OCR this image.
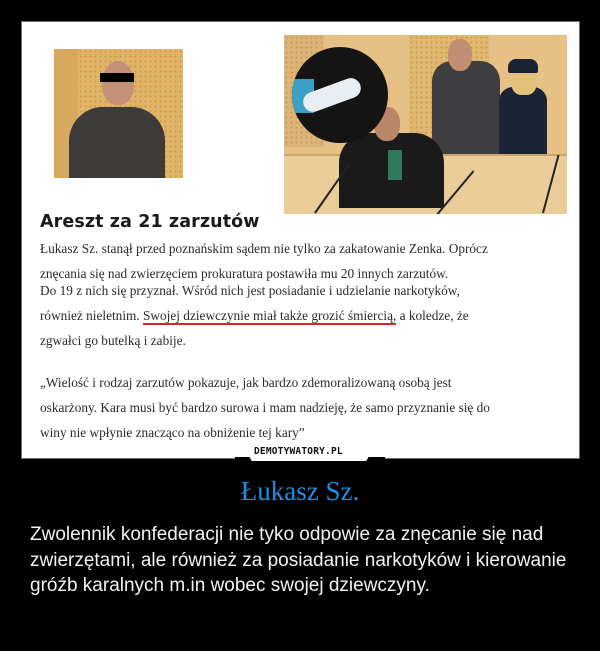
Areszt za 21 zarzutów
Łukasz Sz. stanął przed poznańskim sądem nie tylko za zakatowanie Zenka. Oprócz
znęcania się nad zwierzęciem prokuratura postawiła mu 20 innych zarzutów.
Do 19 z nich się przyznał. Wśród nich jest posiadanie i udzielanie narkotyków,
również nieletnim. Swojej dziewczynie miał także grozić śmiercią, a koledze, że
zgwałci go butelką i zabije.
„Wielość i rodzaj zarzutów pokazuje, jak bardzo zdemoralizowaną osobą jest
oskarżony. Kara musi być bardzo surowa i mam nadzieję, że samo przyznanie się do
winy nie wpłynie znacząco na obniżenie tej kary”
DEMOTYWATORY.PL
Łukasz Sz.
Zwolennik konfederacji nie tyko odpowie za znęcanie się nad zwierzętami, ale również za posiadanie narkotyków i kierowanie gróźb karalnych m.in wobec swojej dziewczyny.
